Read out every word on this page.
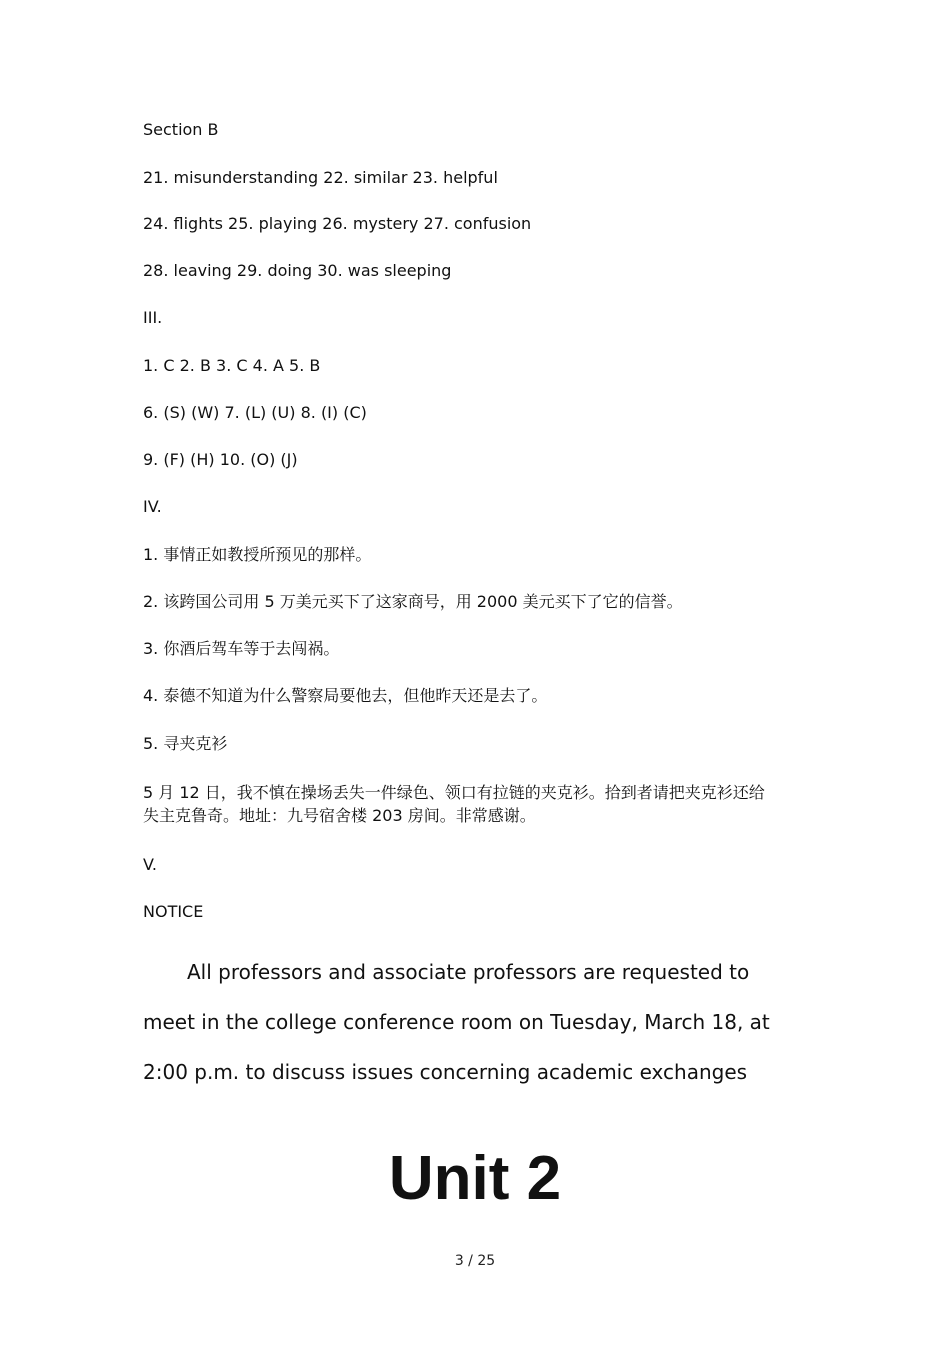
Section B
21. misunderstanding 22. similar 23. helpful
24. flights 25. playing 26. mystery 27. confusion
28. leaving 29. doing 30. was sleeping
III.
1. C 2. B 3. C 4. A 5. B
6. (S) (W) 7. (L) (U) 8. (I) (C)
9. (F) (H) 10. (O) (J)
IV.
1. 事情正如教授所预见的那样。
2. 该跨国公司用 5 万美元买下了这家商号，用 2000 美元买下了它的信誉。
3. 你酒后驾车等于去闯祸。
4. 泰德不知道为什么警察局要他去，但他昨天还是去了。
5. 寻夹克衫
5 月 12 日，我不慎在操场丢失一件绿色、领口有拉链的夹克衫。拾到者请把夹克衫还给失主克鲁奇。地址：九号宿舍楼 203 房间。非常感谢。
V.
NOTICE
All professors and associate professors are requested to
meet in the college conference room on Tuesday, March 18, at
2:00 p.m. to discuss issues concerning academic exchanges
Unit 2
3 / 25
